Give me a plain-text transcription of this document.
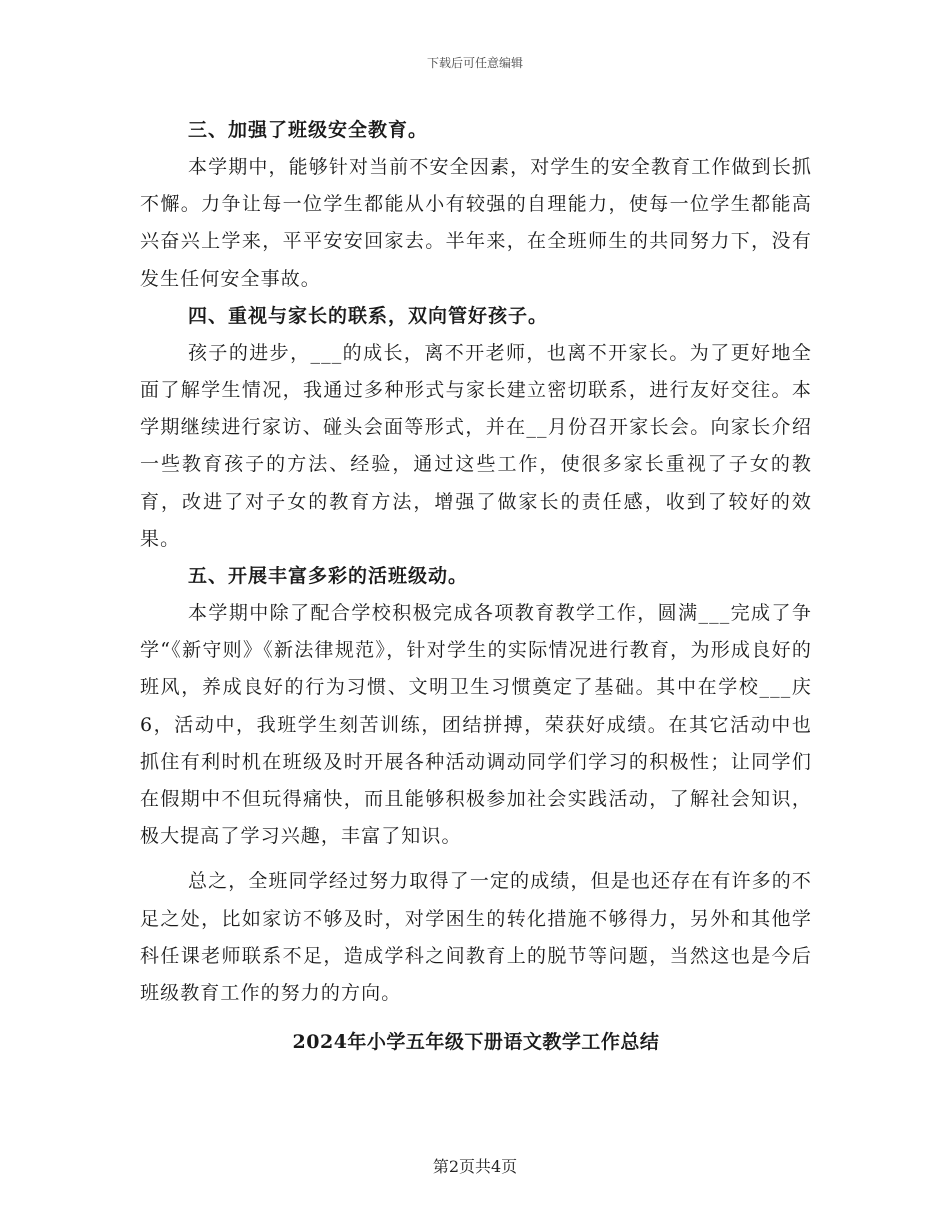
下载后可任意编辑

三、加强了班级安全教育。

本学期中，能够针对当前不安全因素，对学生的安全教育工作做到长抓不懈。力争让每一位学生都能从小有较强的自理能力，使每一位学生都能高兴奋兴上学来，平平安安回家去。半年来，在全班师生的共同努力下，没有发生任何安全事故。

四、重视与家长的联系，双向管好孩子。

孩子的进步，___的成长，离不开老师，也离不开家长。为了更好地全面了解学生情况，我通过多种形式与家长建立密切联系，进行友好交往。本学期继续进行家访、碰头会面等形式，并在__月份召开家长会。向家长介绍一些教育孩子的方法、经验，通过这些工作，使很多家长重视了子女的教育，改进了对子女的教育方法，增强了做家长的责任感，收到了较好的效果。

五、开展丰富多彩的活班级动。

本学期中除了配合学校积极完成各项教育教学工作，圆满___完成了争学“《新守则》《新法律规范》，针对学生的实际情况进行教育，为形成良好的班风，养成良好的行为习惯、文明卫生习惯奠定了基础。其中在学校___庆6，活动中，我班学生刻苦训练，团结拼搏，荣获好成绩。在其它活动中也抓住有利时机在班级及时开展各种活动调动同学们学习的积极性；让同学们在假期中不但玩得痛快，而且能够积极参加社会实践活动，了解社会知识，极大提高了学习兴趣，丰富了知识。

总之，全班同学经过努力取得了一定的成绩，但是也还存在有许多的不足之处，比如家访不够及时，对学困生的转化措施不够得力，另外和其他学科任课老师联系不足，造成学科之间教育上的脱节等问题，当然这也是今后班级教育工作的努力的方向。

2024年小学五年级下册语文教学工作总结
第2页共4页
